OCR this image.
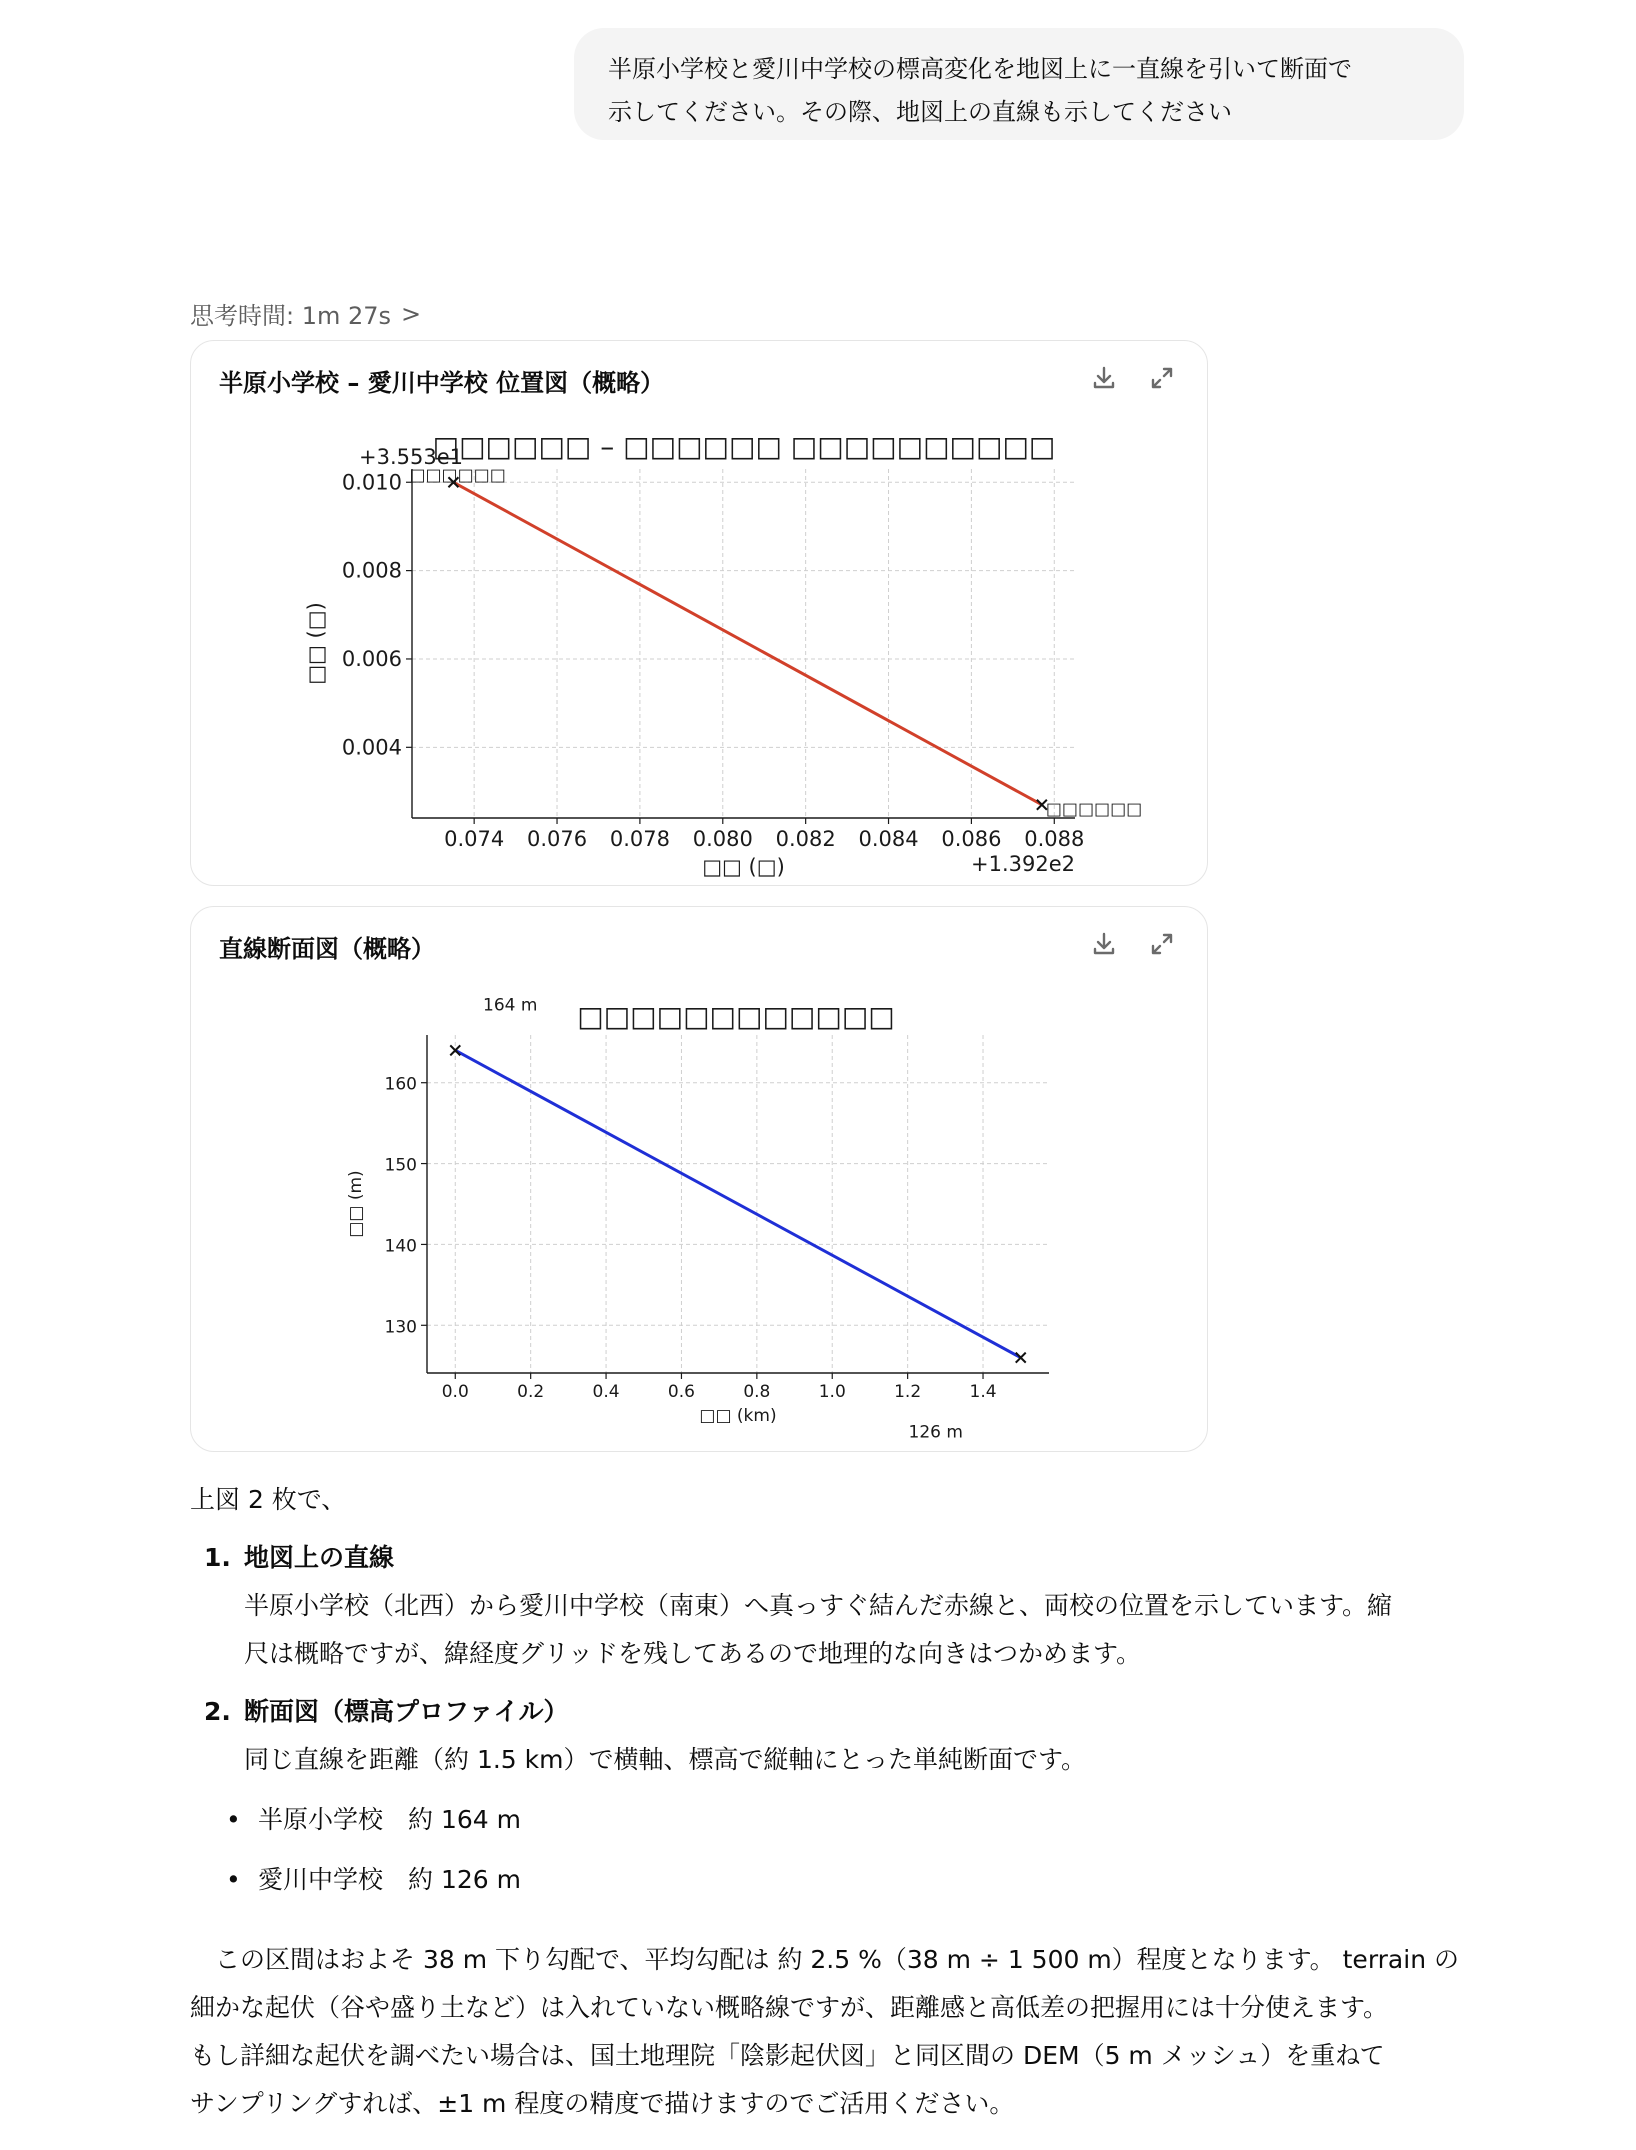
半原小学校と愛川中学校の標高変化を地図上に一直線を引いて断面で
示してください。その際、地図上の直線も示してください
思考時間: 1m 27s >
0.074 0.076 0.078 0.080 0.082 0.084 0.086 0.088
0.010
0.008
0.006
0.004
□□□□□□ – □□□□□□ □□□□□□□□□□
□□ (□)
□□ (□)
+3.553e1
+1.392e2
□□□□□□
□□□□□□
半原小学校 – 愛川中学校 位置図（概略）
0.0	0.2	0.4	0.6	0.8	1.0	1.2	1.4
160
150
140
130
□□□□□□□□□□□□
□□ (km)
□□ (m)
164 m
126 m
直線断面図（概略）
上図 2 枚で、
1. 地図上の直線
半原小学校（北西）から愛川中学校（南東）へ真っすぐ結んだ赤線と、両校の位置を示しています。縮
尺は概略ですが、緯経度グリッドを残してあるので地理的な向きはつかめます。
2. 断面図（標高プロファイル）
同じ直線を距離（約 1.5 km）で横軸、標高で縦軸にとった単純断面です。
• 半原小学校　約 164 m
• 愛川中学校　約 126 m
　この区間はおよそ 38 m 下り勾配で、平均勾配は 約 2.5 %（38 m ÷ 1 500 m）程度となります。 terrain の
細かな起伏（谷や盛り土など）は入れていない概略線ですが、距離感と高低差の把握用には十分使えます。
もし詳細な起伏を調べたい場合は、国土地理院「陰影起伏図」と同区間の DEM（5 m メッシュ）を重ねて
サンプリングすれば、±1 m 程度の精度で描けますのでご活用ください。
